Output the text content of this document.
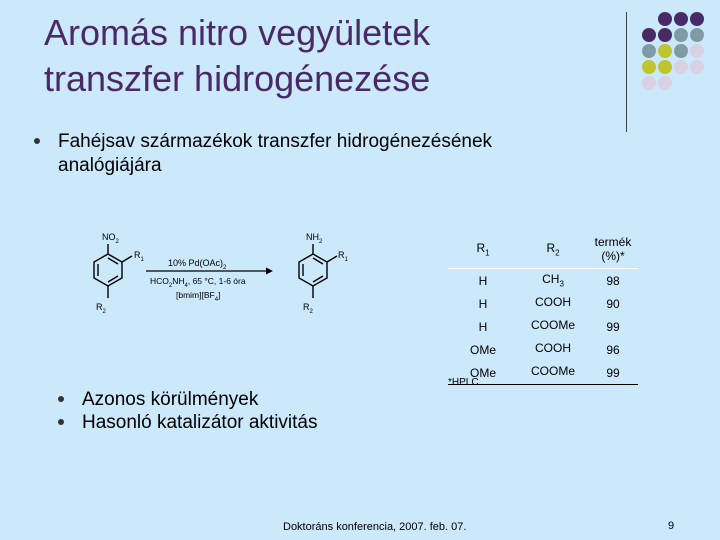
Aromás nitro vegyületek
transzfer hidrogénezése
Fahéjsav származékok transzfer hidrogénezésének
analógiájára
$NO_2$
$R_1$
$R_2$
10% $Pd(OAc)_2$
$HCO_2NH_4$, 65 °C, 1-6 óra
$[bmim][BF_4]$
$NH_2$
$R_1$
$R_2$
$R_1$	$R_2$	termék
(%)*
H	$CH_3$	98
H	COOH	90
H	COOMe	99
OMe	COOH	96
OMe	COOMe	99
*HPLC
Azonos körülmények
Hasonló katalizátor aktivitás
Doktoráns konferencia, 2007. feb. 07.	9
